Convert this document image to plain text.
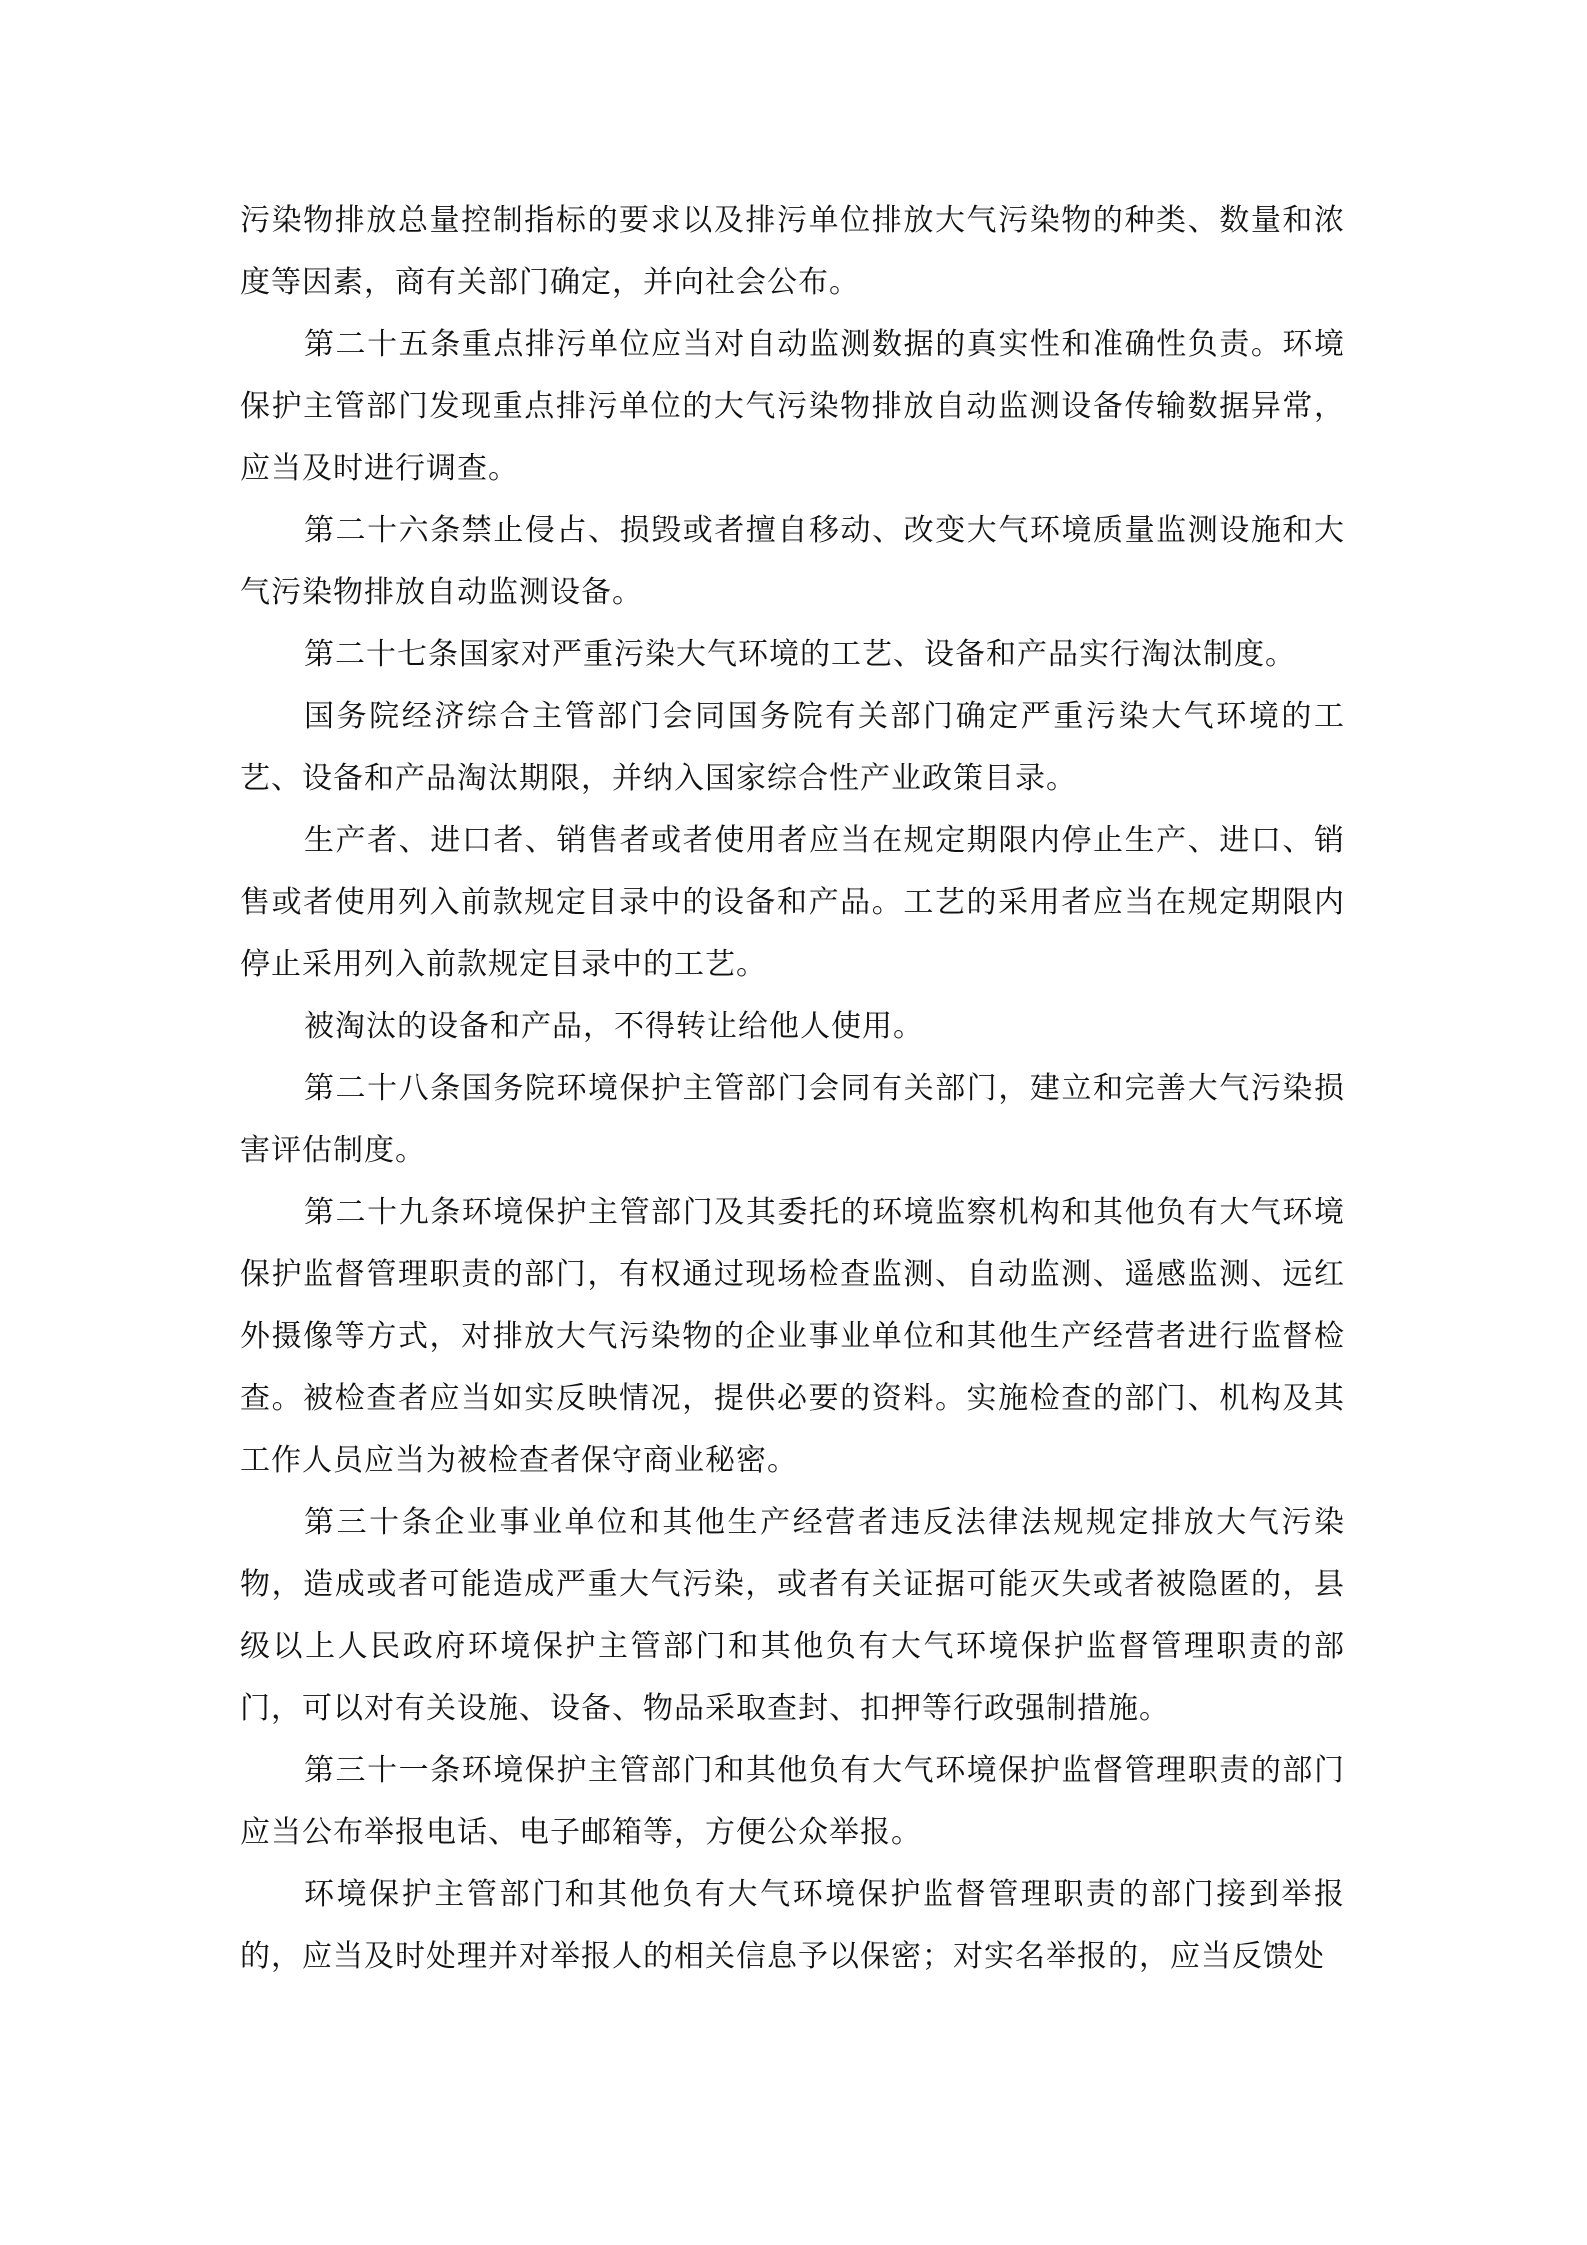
污染物排放总量控制指标的要求以及排污单位排放大气污染物的种类、数量和浓度等因素，商有关部门确定，并向社会公布。

第二十五条重点排污单位应当对自动监测数据的真实性和准确性负责。环境保护主管部门发现重点排污单位的大气污染物排放自动监测设备传输数据异常，应当及时进行调查。

第二十六条禁止侵占、损毁或者擅自移动、改变大气环境质量监测设施和大气污染物排放自动监测设备。

第二十七条国家对严重污染大气环境的工艺、设备和产品实行淘汰制度。

国务院经济综合主管部门会同国务院有关部门确定严重污染大气环境的工艺、设备和产品淘汰期限，并纳入国家综合性产业政策目录。

生产者、进口者、销售者或者使用者应当在规定期限内停止生产、进口、销售或者使用列入前款规定目录中的设备和产品。工艺的采用者应当在规定期限内停止采用列入前款规定目录中的工艺。

被淘汰的设备和产品，不得转让给他人使用。

第二十八条国务院环境保护主管部门会同有关部门，建立和完善大气污染损害评估制度。

第二十九条环境保护主管部门及其委托的环境监察机构和其他负有大气环境保护监督管理职责的部门，有权通过现场检查监测、自动监测、遥感监测、远红外摄像等方式，对排放大气污染物的企业事业单位和其他生产经营者进行监督检查。被检查者应当如实反映情况，提供必要的资料。实施检查的部门、机构及其工作人员应当为被检查者保守商业秘密。

第三十条企业事业单位和其他生产经营者违反法律法规规定排放大气污染物，造成或者可能造成严重大气污染，或者有关证据可能灭失或者被隐匿的，县级以上人民政府环境保护主管部门和其他负有大气环境保护监督管理职责的部门，可以对有关设施、设备、物品采取查封、扣押等行政强制措施。

第三十一条环境保护主管部门和其他负有大气环境保护监督管理职责的部门应当公布举报电话、电子邮箱等，方便公众举报。

环境保护主管部门和其他负有大气环境保护监督管理职责的部门接到举报的，应当及时处理并对举报人的相关信息予以保密；对实名举报的，应当反馈处
